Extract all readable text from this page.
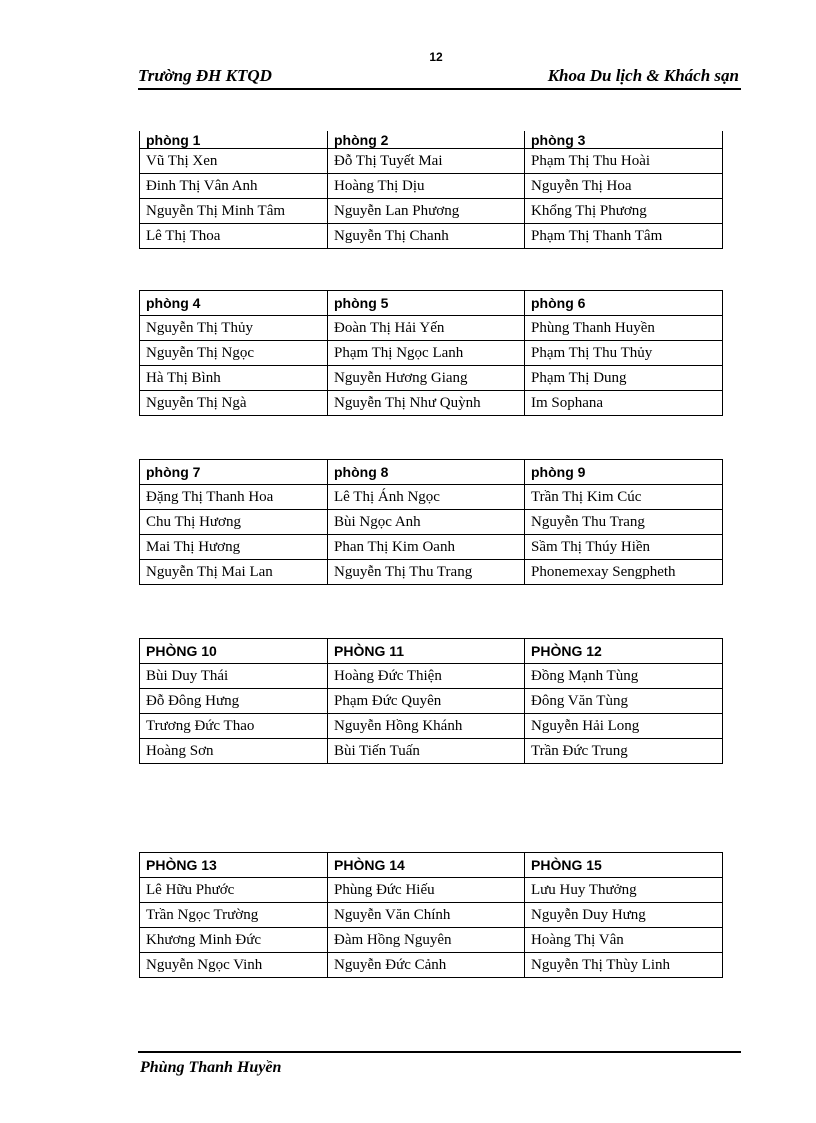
12
Trường ĐH KTQD	Khoa Du lịch & Khách sạn
phòng 1	phòng 2	phòng 3
Vũ Thị Xen	Đỗ Thị Tuyết Mai	Phạm Thị Thu Hoài
Đinh Thị Vân Anh	Hoàng Thị Dịu	Nguyễn Thị Hoa
Nguyễn Thị Minh Tâm	Nguyễn Lan Phương	Khổng Thị Phương
Lê Thị Thoa	Nguyễn Thị Chanh	Phạm Thị Thanh Tâm
phòng 4	phòng 5	phòng 6
Nguyễn Thị Thủy	Đoàn Thị Hải Yến	Phùng Thanh Huyền
Nguyễn Thị Ngọc	Phạm Thị Ngọc Lanh	Phạm Thị Thu Thủy
Hà Thị Bình	Nguyễn Hương Giang	Phạm Thị Dung
Nguyễn Thị Ngà	Nguyễn Thị Như Quỳnh	Im Sophana
phòng 7	phòng 8	phòng 9
Đặng Thị Thanh Hoa	Lê Thị Ánh Ngọc	Trần Thị Kim Cúc
Chu Thị Hương	Bùi Ngọc Anh	Nguyễn Thu Trang
Mai Thị Hương	Phan Thị Kim Oanh	Sầm Thị Thúy Hiền
Nguyễn Thị Mai Lan	Nguyễn Thị Thu Trang	Phonemexay Sengpheth
PHÒNG 10	PHÒNG 11	PHÒNG 12
Bùi Duy Thái	Hoàng Đức Thiện	Đồng Mạnh Tùng
Đỗ Đông Hưng	Phạm Đức Quyên	Đông Văn Tùng
Trương Đức Thao	Nguyễn Hồng Khánh	Nguyễn Hải Long
Hoàng Sơn	Bùi Tiến Tuấn	Trần Đức Trung
PHÒNG 13	PHÒNG 14	PHÒNG 15
Lê Hữu Phước	Phùng Đức Hiếu	Lưu Huy Thưởng
Trần Ngọc Trường	Nguyễn Văn Chính	Nguyễn Duy Hưng
Khương Minh Đức	Đàm Hồng Nguyên	Hoàng Thị Vân
Nguyễn Ngọc Vinh	Nguyễn Đức Cảnh	Nguyễn Thị Thùy Linh
Phùng Thanh Huyền
